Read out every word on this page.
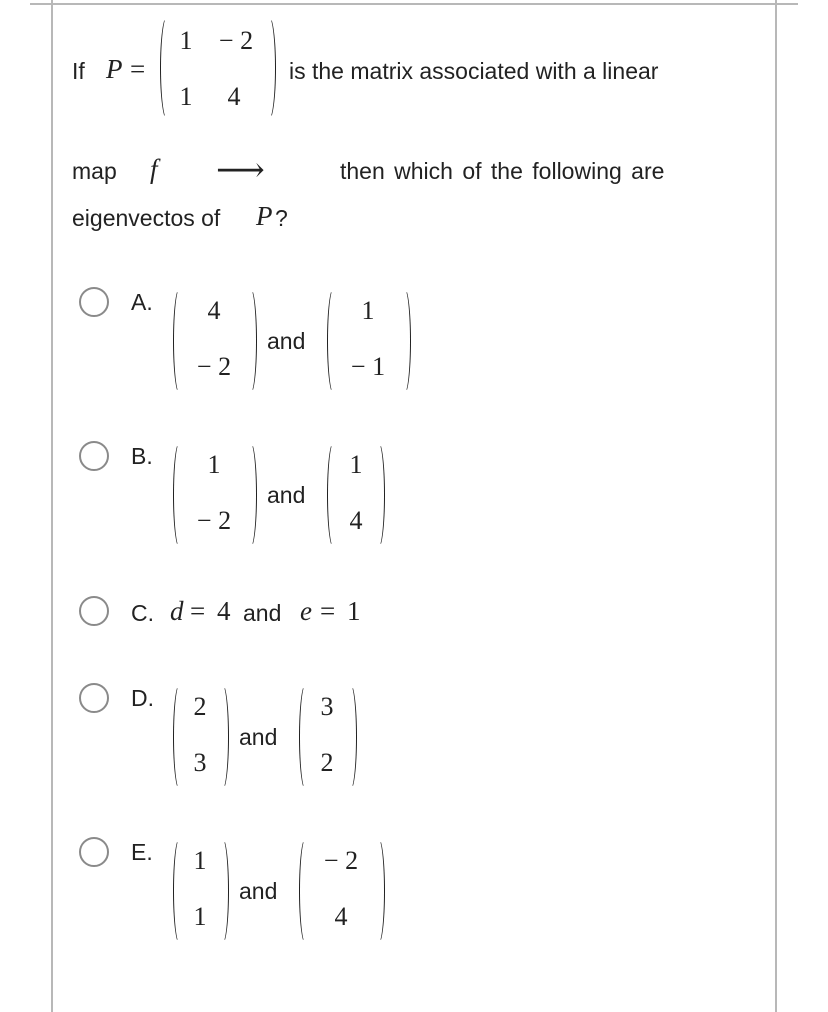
If P =
1	− 2
1 4
is the matrix associated with a linear
map f ⟶	then which of the following are
eigenvectos of P ?
A.	4
− 2
and
1
− 1
B.	1
− 2
and
1
4
C. d = 4 and e = 1
D.	2
3
and
3
2
E.	1
1
and
− 2
4
